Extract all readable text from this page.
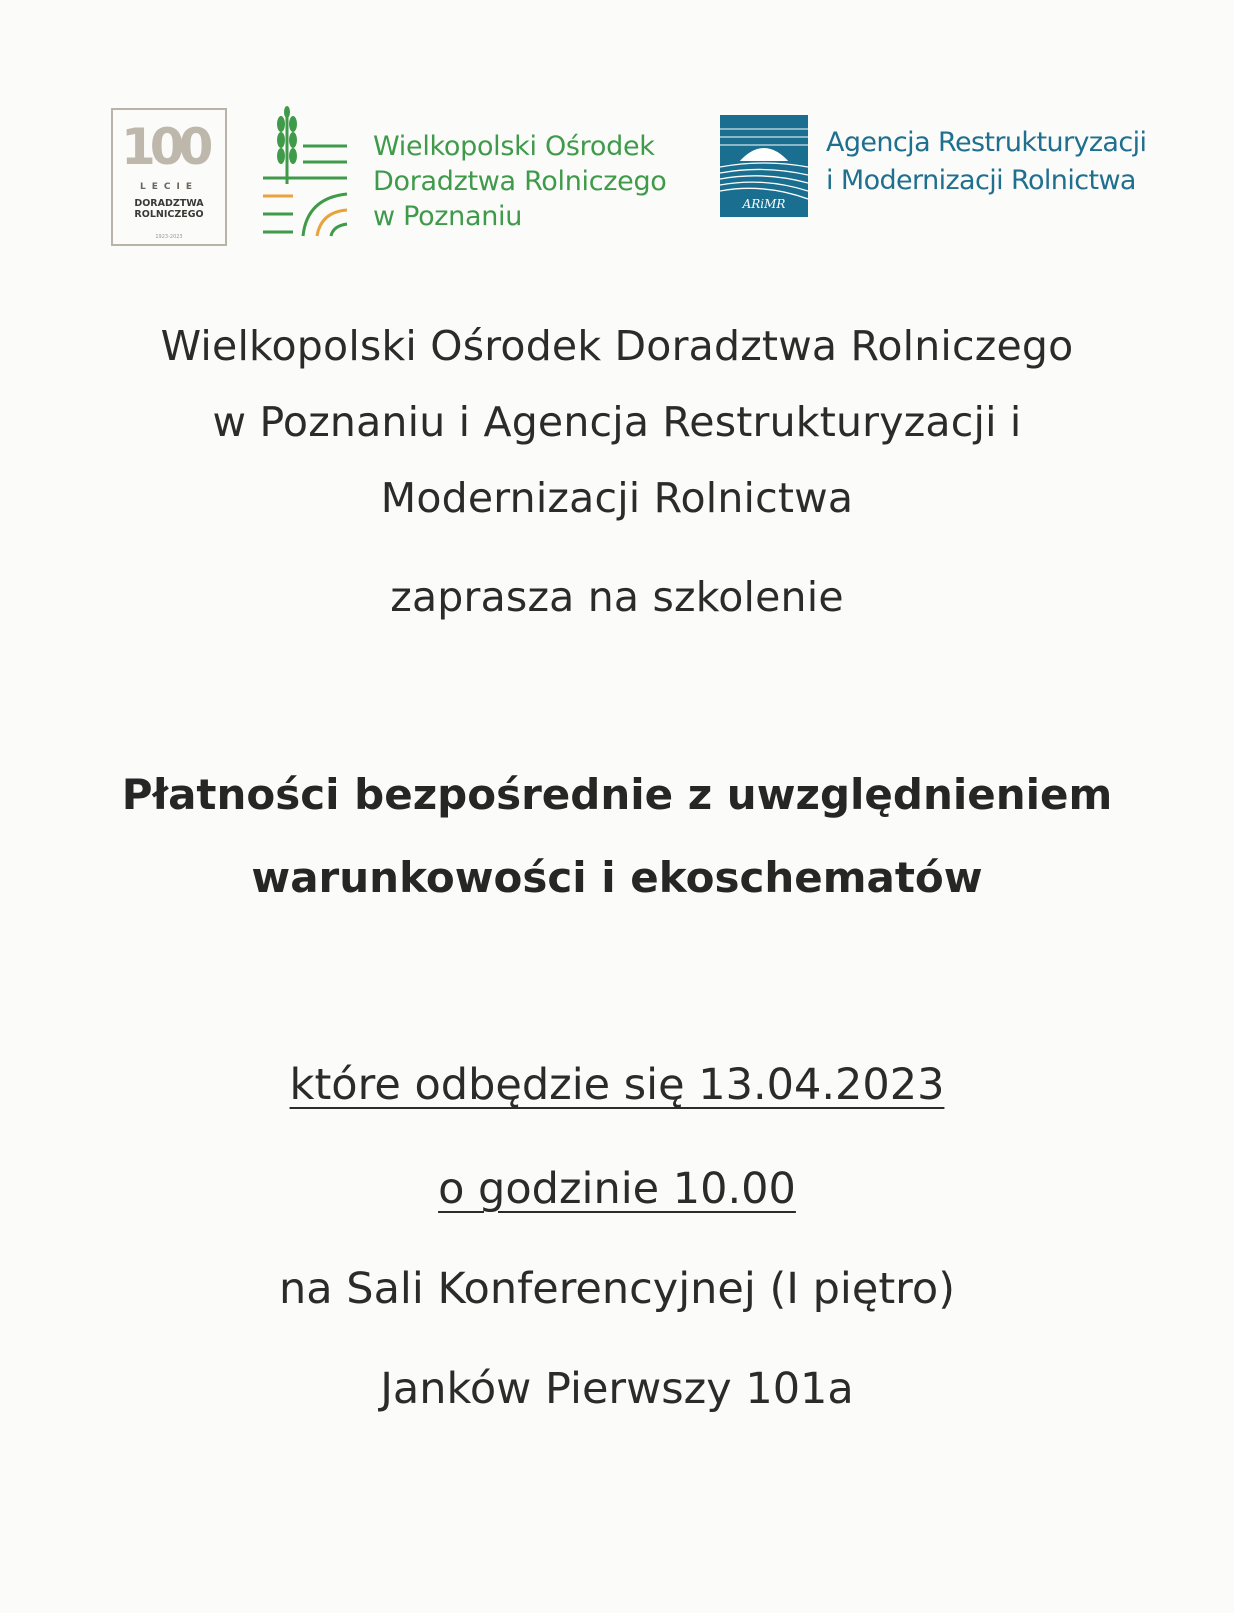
100
LECIE
DORADZTWA
ROLNICZEGO
1923-2023
Wielkopolski Ośrodek
Doradztwa Rolniczego
w Poznaniu	ARiMR
Agencja Restrukturyzacji
i Modernizacji Rolnictwa
Wielkopolski Ośrodek Doradztwa Rolniczego
w Poznaniu i Agencja Restrukturyzacji i
Modernizacji Rolnictwa
zaprasza na szkolenie
Płatności bezpośrednie z uwzględnieniem
warunkowości i ekoschematów
które odbędzie się 13.04.2023
o godzinie 10.00
na Sali Konferencyjnej (I piętro)
Janków Pierwszy 101a
